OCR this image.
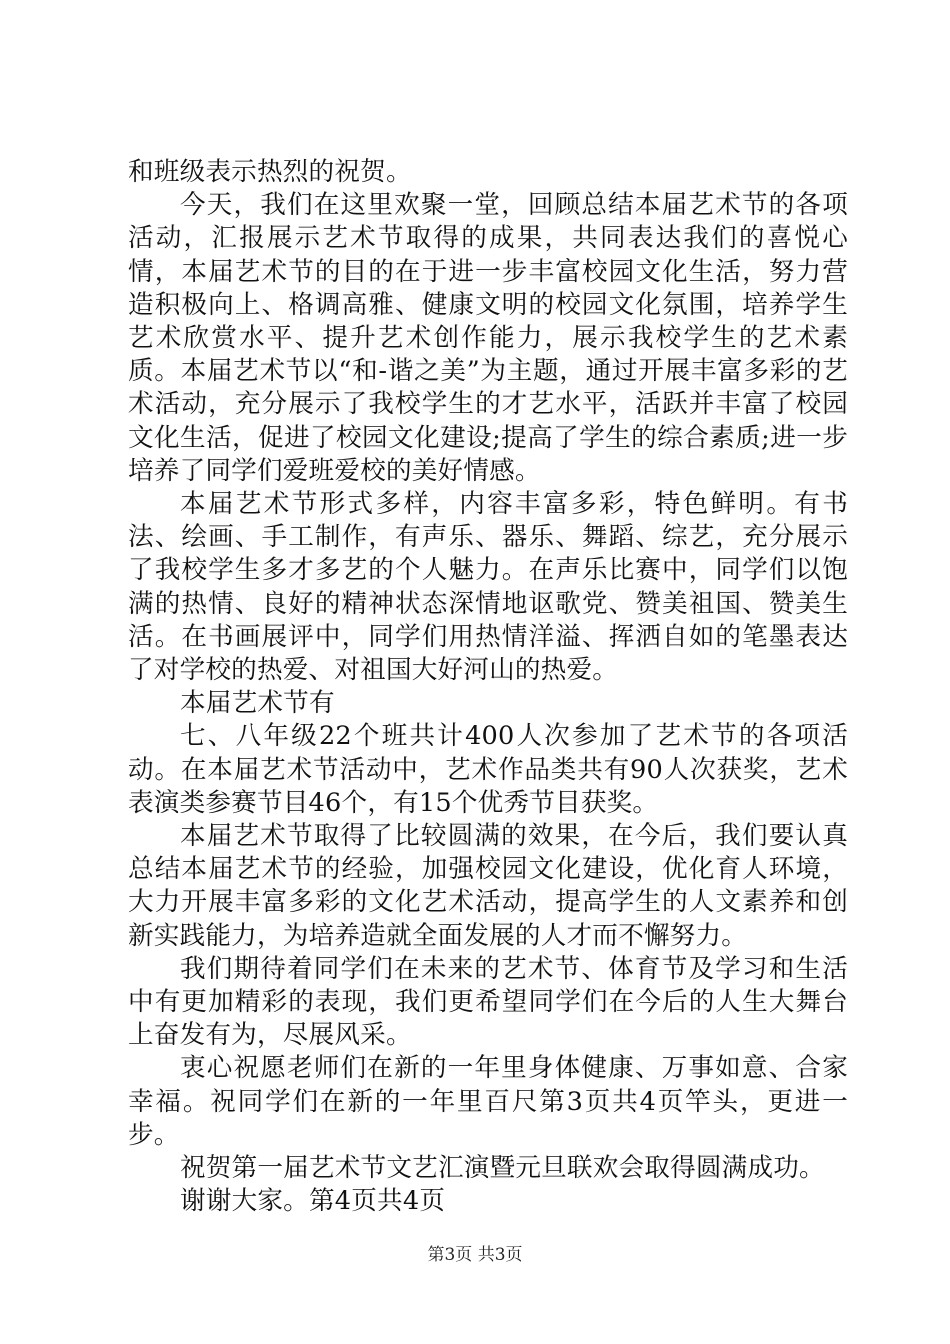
和班级表示热烈的祝贺。

今天，我们在这里欢聚一堂，回顾总结本届艺术节的各项活动，汇报展示艺术节取得的成果，共同表达我们的喜悦心情，本届艺术节的目的在于进一步丰富校园文化生活，努力营造积极向上、格调高雅、健康文明的校园文化氛围，培养学生艺术欣赏水平、提升艺术创作能力，展示我校学生的艺术素质。本届艺术节以“和-谐之美”为主题，通过开展丰富多彩的艺术活动，充分展示了我校学生的才艺水平，活跃并丰富了校园文化生活，促进了校园文化建设;提高了学生的综合素质;进一步培养了同学们爱班爱校的美好情感。

本届艺术节形式多样，内容丰富多彩，特色鲜明。有书法、绘画、手工制作，有声乐、器乐、舞蹈、综艺，充分展示了我校学生多才多艺的个人魅力。在声乐比赛中，同学们以饱满的热情、良好的精神状态深情地讴歌党、赞美祖国、赞美生活。在书画展评中，同学们用热情洋溢、挥洒自如的笔墨表达了对学校的热爱、对祖国大好河山的热爱。

本届艺术节有

七、八年级22个班共计400人次参加了艺术节的各项活动。在本届艺术节活动中，艺术作品类共有90人次获奖，艺术表演类参赛节目46个，有15个优秀节目获奖。

本届艺术节取得了比较圆满的效果，在今后，我们要认真总结本届艺术节的经验，加强校园文化建设，优化育人环境，大力开展丰富多彩的文化艺术活动，提高学生的人文素养和创新实践能力，为培养造就全面发展的人才而不懈努力。

我们期待着同学们在未来的艺术节、体育节及学习和生活中有更加精彩的表现，我们更希望同学们在今后的人生大舞台上奋发有为，尽展风采。

衷心祝愿老师们在新的一年里身体健康、万事如意、合家幸福。祝同学们在新的一年里百尺第3页共4页竿头，更进一步。

祝贺第一届艺术节文艺汇演暨元旦联欢会取得圆满成功。

谢谢大家。第4页共4页

第3页 共3页
